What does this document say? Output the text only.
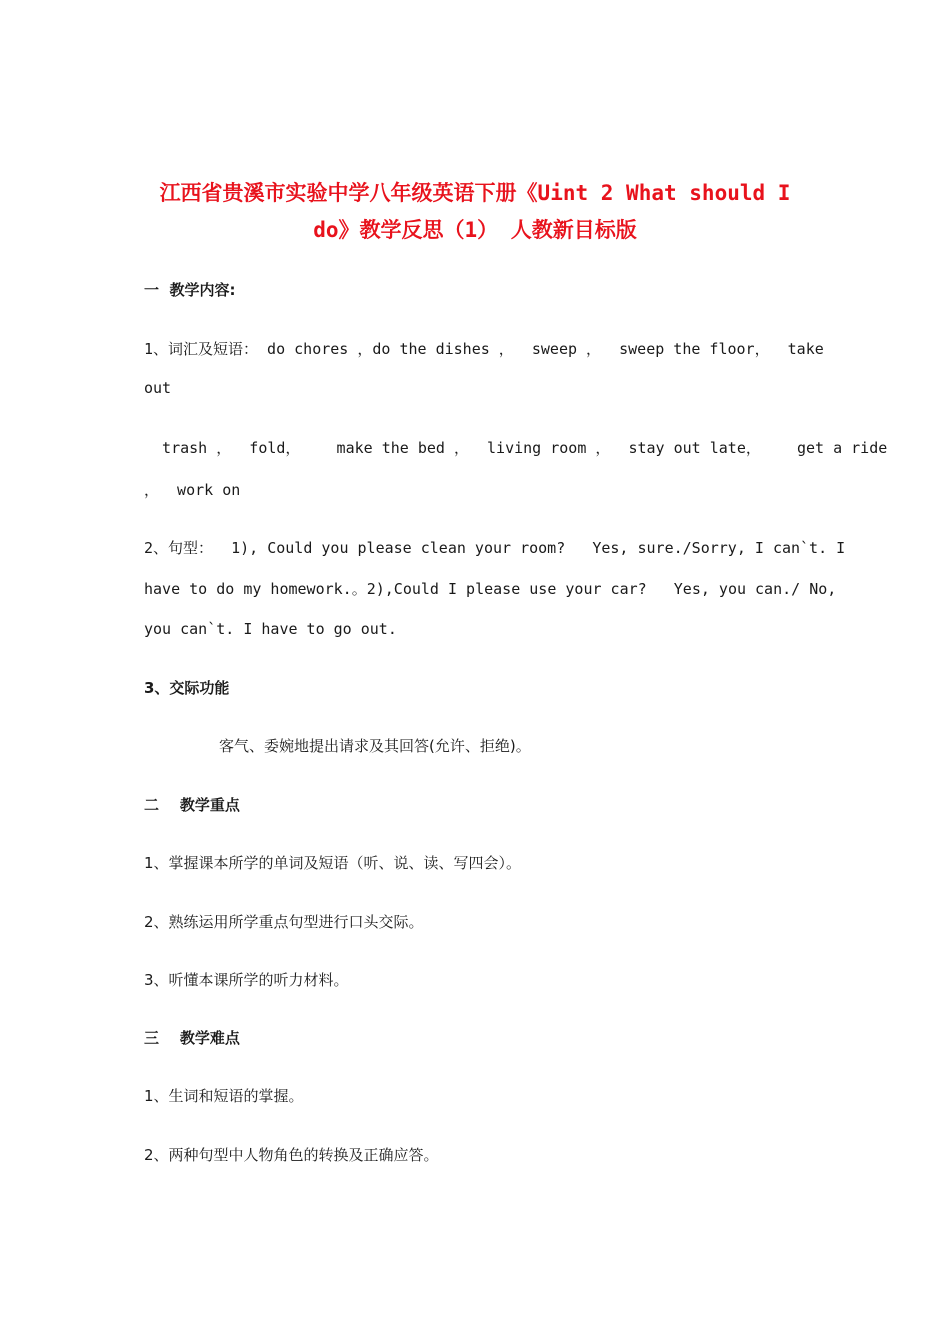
江西省贵溪市实验中学八年级英语下册《Uint 2 What should I
do》教学反思（1） 人教新目标版
一  教学内容:
1、词汇及短语： do chores ，do the dishes ，  sweep ，  sweep the floor，  take
out
trash ，  fold，    make the bed ，  living room ，  stay out late，    get a ride
，  work on
2、句型：  1), Could you please clean your room?   Yes, sure./Sorry, I can`t. I
have to do my homework.。2),Could I please use your car?   Yes, you can./ No,
you can`t. I have to go out.
3、交际功能
客气、委婉地提出请求及其回答(允许、拒绝)。
二    教学重点
1、掌握课本所学的单词及短语（听、说、读、写四会）。
2、熟练运用所学重点句型进行口头交际。
3、听懂本课所学的听力材料。
三    教学难点
1、生词和短语的掌握。
2、两种句型中人物角色的转换及正确应答。
